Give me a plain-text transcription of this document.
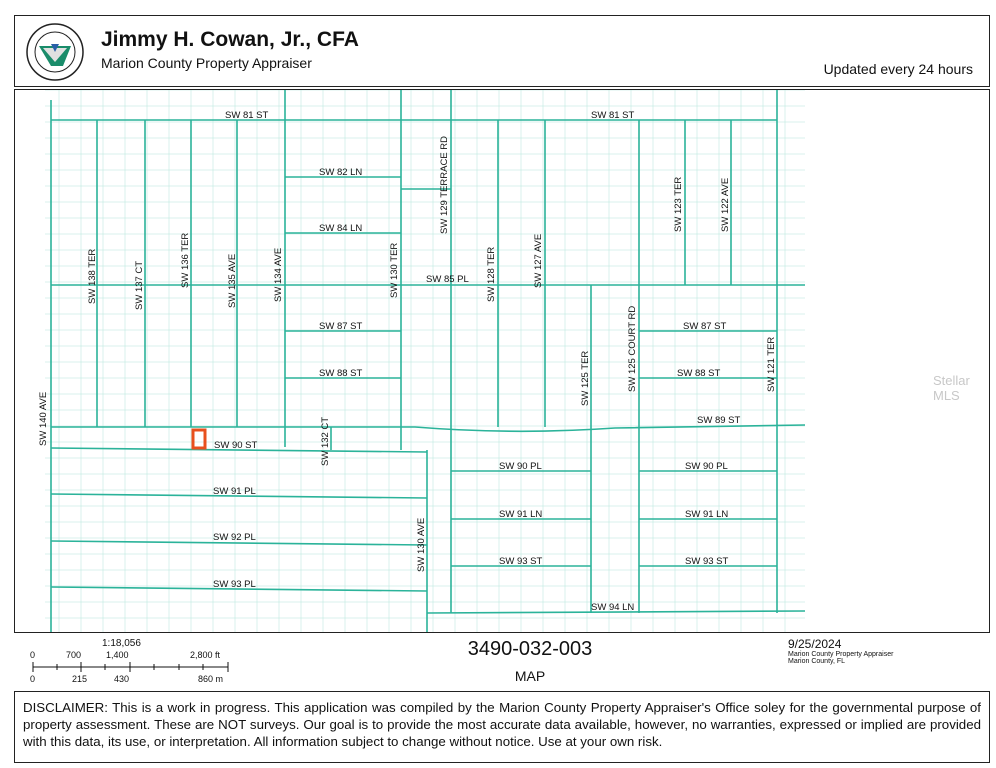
Jimmy H. Cowan, Jr., CFA
Marion County Property Appraiser	Updated every 24 hours
SW 81 ST	SW 81 ST
SW 82 LN
SW 84 LN
SW 85 PL
SW 87 ST	SW 87 ST
SW 88 ST	SW 88 ST
SW 89 ST
SW 90 ST
SW 90 PL	SW 90 PL
SW 91 PL
SW 91 LN	SW 91 LN
SW 92 PL
SW 93 ST	SW 93 ST
SW 93 PL
SW 94 LN
SW 140 AVE
SW 138 TER	SW 137 CT	SW 136 TER	SW 135 AVE	SW 134 AVE
SW 132 CT
SW 130 TER
SW 130 AVE
SW 129 TERRACE RD
SW 128 TER	SW 127 AVE
SW 125 TER	SW 125 COURT RD
SW 123 TER	SW 122 AVE
SW 121 TER	Stellar MLS
1:18,056
0	700	1,400	2,800 ft
0	215	430	860 m
3490-032-003
MAP
9/25/2024
Marion County Property Appraiser
Marion County, FL
DISCLAIMER: This is a work in progress. This application was compiled by the Marion County Property Appraiser's Office soley for the governmental purpose of property assessment. These are NOT surveys. Our goal is to provide the most accurate data available, however, no warranties, expressed or implied are provided with this data, its use, or interpretation. All information subject to change without notice. Use at your own risk.
